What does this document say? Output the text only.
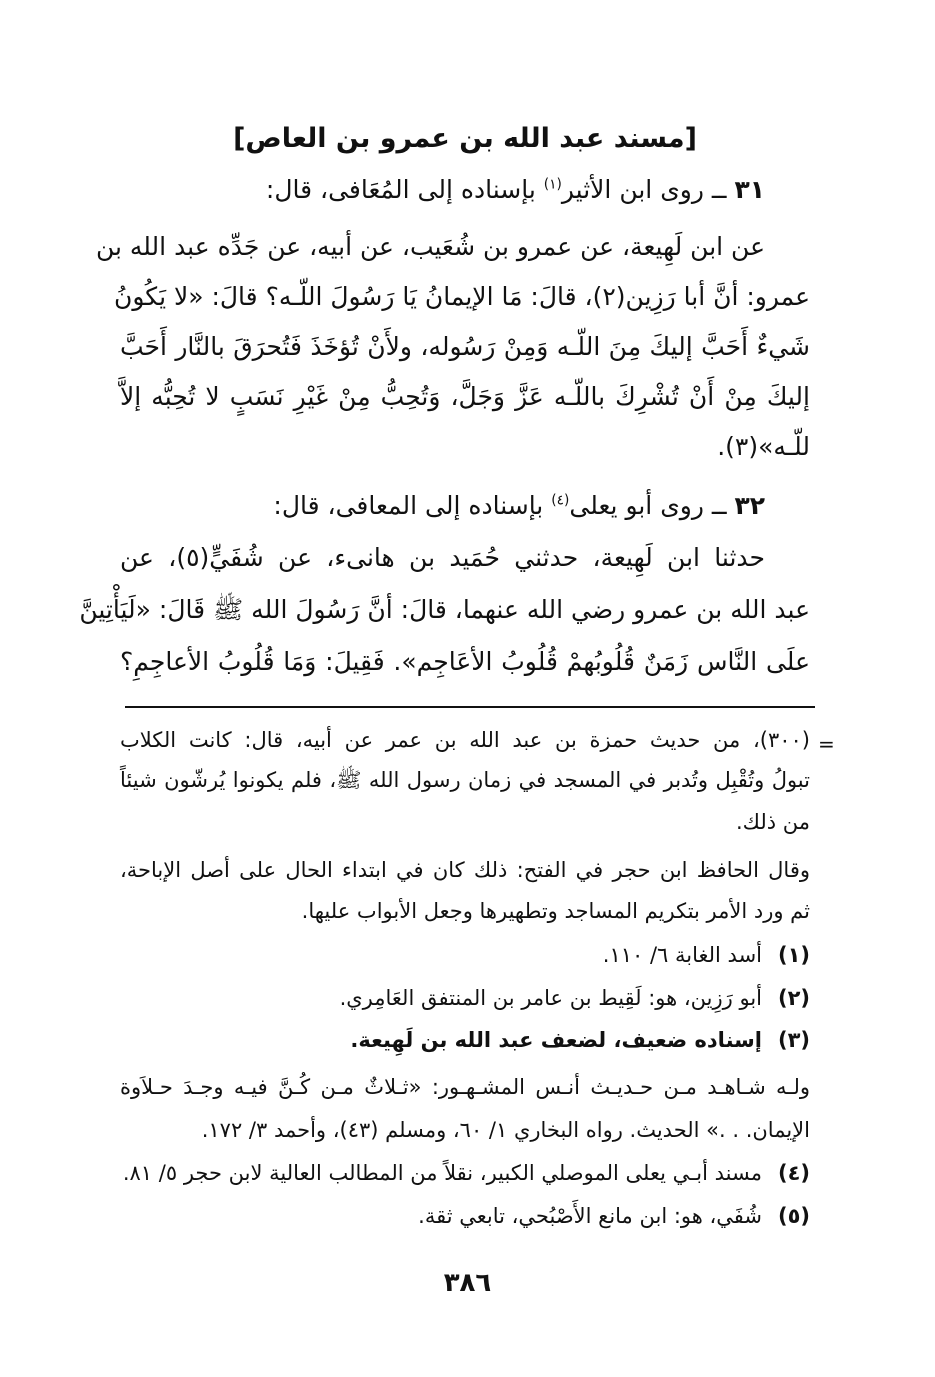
[مسند عبد الله بن عمرو بن العاص]
٣١ ــ روى ابن الأثير$^{(١)}$ بإسناده إلى المُعَافى، قال:
عن ابن لَهِيعة، عن عمرو بن شُعَيب، عن أبيه، عن جَدِّه عبد الله بن
عمرو: أنَّ أبا رَزِين(٢)، قالَ: مَا الإيمانُ يَا رَسُولَ اللّـه؟ قالَ: «لا يَكُونُ
شَيءٌ أَحَبَّ إليكَ مِنَ اللّـه وَمِنْ رَسُوله، ولأَنْ تُؤخَذَ فَتُحرَقَ بالنَّار أَحَبَّ
إليكَ مِنْ أَنْ تُشْرِكَ باللّـه عَزَّ وَجَلَّ، وَتُحِبُّ مِنْ غَيْرِ نَسَبٍ لا تُحِبُّه إلاَّ
للّـه»(٣).
٣٢ ــ روى أبو يعلى$^{(٤)}$ بإسناده إلى المعافى، قال:
حدثنا ابن لَهِيعة، حدثني حُمَيد بن هانىء، عن شُفَيٍّ(٥)، عن
عبد الله بن عمرو رضي الله عنهما، قالَ: أنَّ رَسُولَ الله ﷺ قَالَ: «لَيَأْتِينَّ
علَى النَّاس زَمَنٌ قُلُوبُهمْ قُلُوبُ الأعَاجِم». فَقِيلَ: وَمَا قُلُوبُ الأعاجِمِ؟
=
(٣٠٠)، من حديث حمزة بن عبد الله بن عمر عن أبيه، قال: كانت الكلاب
تبولُ وتُقْبِل وتُدبر في المسجد في زمان رسول الله ﷺ، فلم يكونوا يُرشّون شيئاً
من ذلك.
وقال الحافظ ابن حجر في الفتح: ذلك كان في ابتداء الحال على أصل الإباحة،
ثم ورد الأمر بتكريم المساجد وتطهيرها وجعل الأبواب عليها.
(١)أسد الغابة ٦/ ١١٠.
(٢)أبو رَزِين، هو: لَقِيط بن عامر بن المنتفق العَامِري.
(٣)إسناده ضعيف، لضعف عبد الله بن لَهِيعة.
ولـه شـاهـد مـن حـديـث أنـس المشـهـور: «ثـلاثٌ مـن كُـنَّ فيـه وجـدَ حـلاَوة
الإيمان. . .» الحديث. رواه البخاري ١/ ٦٠، ومسلم (٤٣)، وأحمد ٣/ ١٧٢.
(٤)مسند أبـي يعلى الموصلي الكبير، نقلاً من المطالب العالية لابن حجر ٥/ ٨١.
(٥)شُفَي، هو: ابن مانع الأَصْبُحي، تابعي ثقة.
٣٨٦
